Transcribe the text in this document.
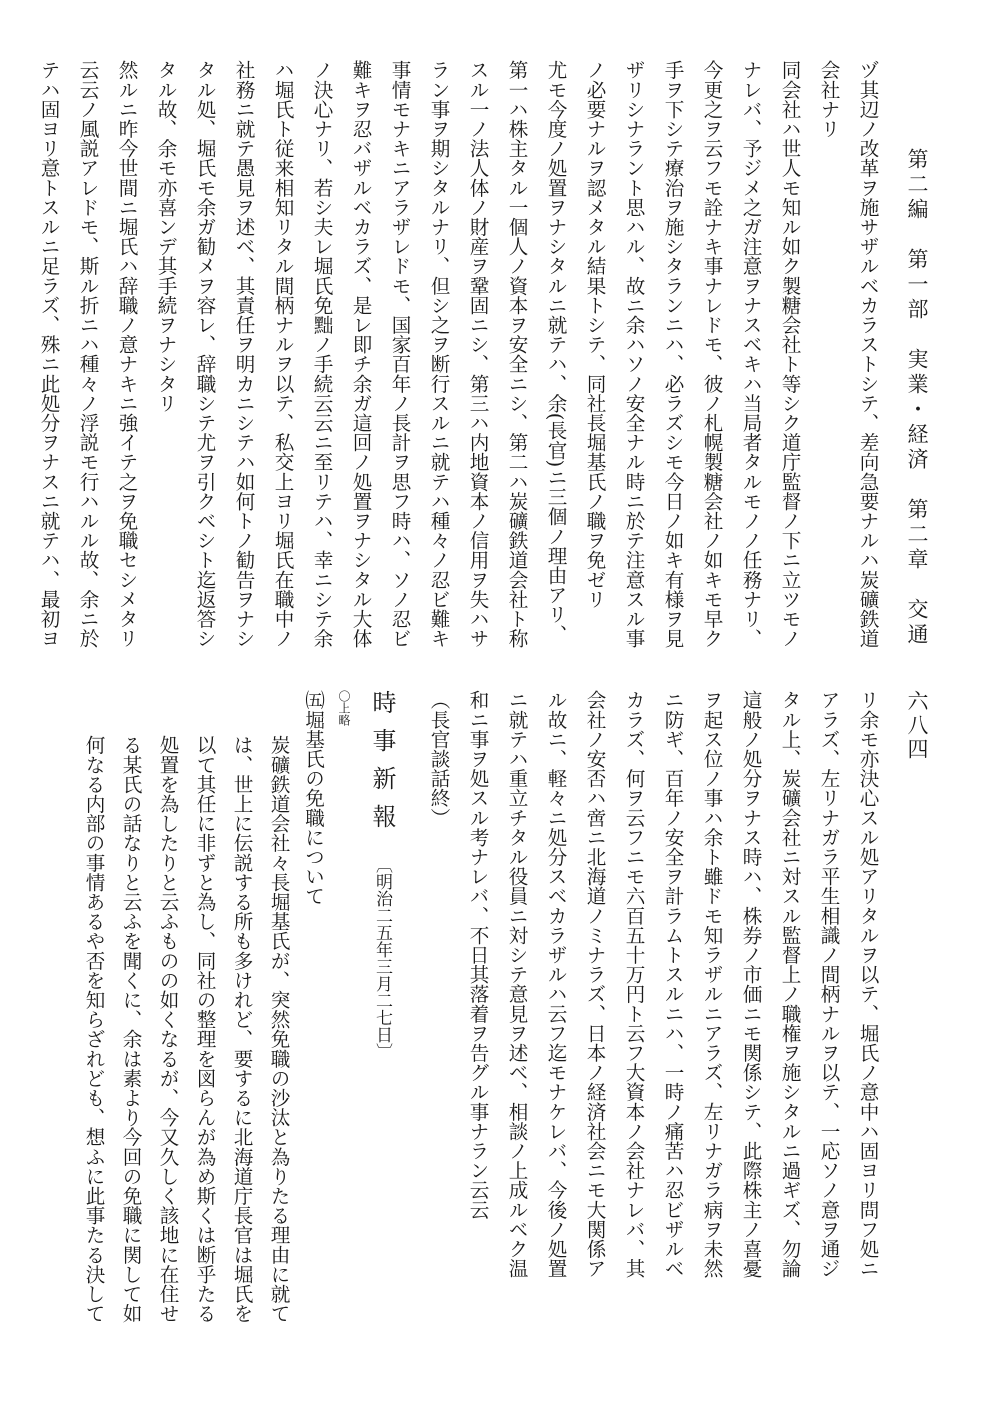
第二編　第一部　実業・経済　第二章　交通
六八四

ヅ其辺ノ改革ヲ施サザルベカラストシテ、差向急要ナルハ炭礦鉄道

会社ナリ

同会社ハ世人モ知ル如ク製糖会社ト等シク道庁監督ノ下ニ立ツモノ

ナレバ、予ジメ之ガ注意ヲナスベキハ当局者タルモノノ任務ナリ、

今更之ヲ云フモ詮ナキ事ナレドモ、彼ノ札幌製糖会社ノ如キモ早ク

手ヲ下シテ療治ヲ施シタランニハ、必ラズシモ今日ノ如キ有様ヲ見

ザリシナラント思ハル、故ニ余ハソノ安全ナル時ニ於テ注意スル事

ノ必要ナルヲ認メタル結果トシテ、同社長堀基氏ノ職ヲ免ゼリ

尤モ今度ノ処置ヲナシタルニ就テハ、余(長官)ニ三個ノ理由アリ、

第一ハ株主タル一個人ノ資本ヲ安全ニシ、第二ハ炭礦鉄道会社ト称

スル一ノ法人体ノ財産ヲ鞏固ニシ、第三ハ内地資本ノ信用ヲ失ハサ

ラン事ヲ期シタルナリ、但シ之ヲ断行スルニ就テハ種々ノ忍ビ難キ

事情モナキニアラザレドモ、国家百年ノ長計ヲ思フ時ハ、ソノ忍ビ

難キヲ忍バザルベカラズ、是レ即チ余ガ這回ノ処置ヲナシタル大体

ノ決心ナリ、若シ夫レ堀氏免黜ノ手続云云ニ至リテハ、幸ニシテ余

ハ堀氏ト従来相知リタル間柄ナルヲ以テ、私交上ヨリ堀氏在職中ノ

社務ニ就テ愚見ヲ述ベ、其責任ヲ明カニシテハ如何トノ勧告ヲナシ

タル処、堀氏モ余ガ勧メヲ容レ、辞職シテ尤ヲ引クベシト迄返答シ

タル故、余モ亦喜ンデ其手続ヲナシタリ

然ルニ昨今世間ニ堀氏ハ辞職ノ意ナキニ強イテ之ヲ免職セシメタリ

云云ノ風説アレドモ、斯ル折ニハ種々ノ浮説モ行ハルル故、余ニ於

テハ固ヨリ意トスルニ足ラズ、殊ニ此処分ヲナスニ就テハ、最初ヨ

リ余モ亦決心スル処アリタルヲ以テ、堀氏ノ意中ハ固ヨリ問フ処ニ

アラズ、左リナガラ平生相識ノ間柄ナルヲ以テ、一応ソノ意ヲ通ジ

タル上、炭礦会社ニ対スル監督上ノ職権ヲ施シタルニ過ギズ、勿論

這般ノ処分ヲナス時ハ、株券ノ市価ニモ関係シテ、此際株主ノ喜憂

ヲ起ス位ノ事ハ余ト雖ドモ知ラザルニアラズ、左リナガラ病ヲ未然

ニ防ギ、百年ノ安全ヲ計ラムトスルニハ、一時ノ痛苦ハ忍ビザルベ

カラズ、何ヲ云フニモ六百五十万円ト云フ大資本ノ会社ナレバ、其

会社ノ安否ハ啻ニ北海道ノミナラズ、日本ノ経済社会ニモ大関係ア

ル故ニ、軽々ニ処分スベカラザルハ云フ迄モナケレバ、今後ノ処置

ニ就テハ重立チタル役員ニ対シテ意見ヲ述ベ、相談ノ上成ルベク温

和ニ事ヲ処スル考ナレバ、不日其落着ヲ告グル事ナラン云云

（長官談話終）

時事新報〔明治二五年三月二七日〕
〇上略
㈤堀基氏の免職について

炭礦鉄道会社々長堀基氏が、突然免職の沙汰と為りたる理由に就て

は、世上に伝説する所も多けれど、要するに北海道庁長官は堀氏を

以て其任に非ずと為し、同社の整理を図らんが為め斯くは断乎たる

処置を為したりと云ふものの如くなるが、今又久しく該地に在住せ

る某氏の話なりと云ふを聞くに、余は素より今回の免職に関して如

何なる内部の事情あるや否を知らざれども、想ふに此事たる決して
